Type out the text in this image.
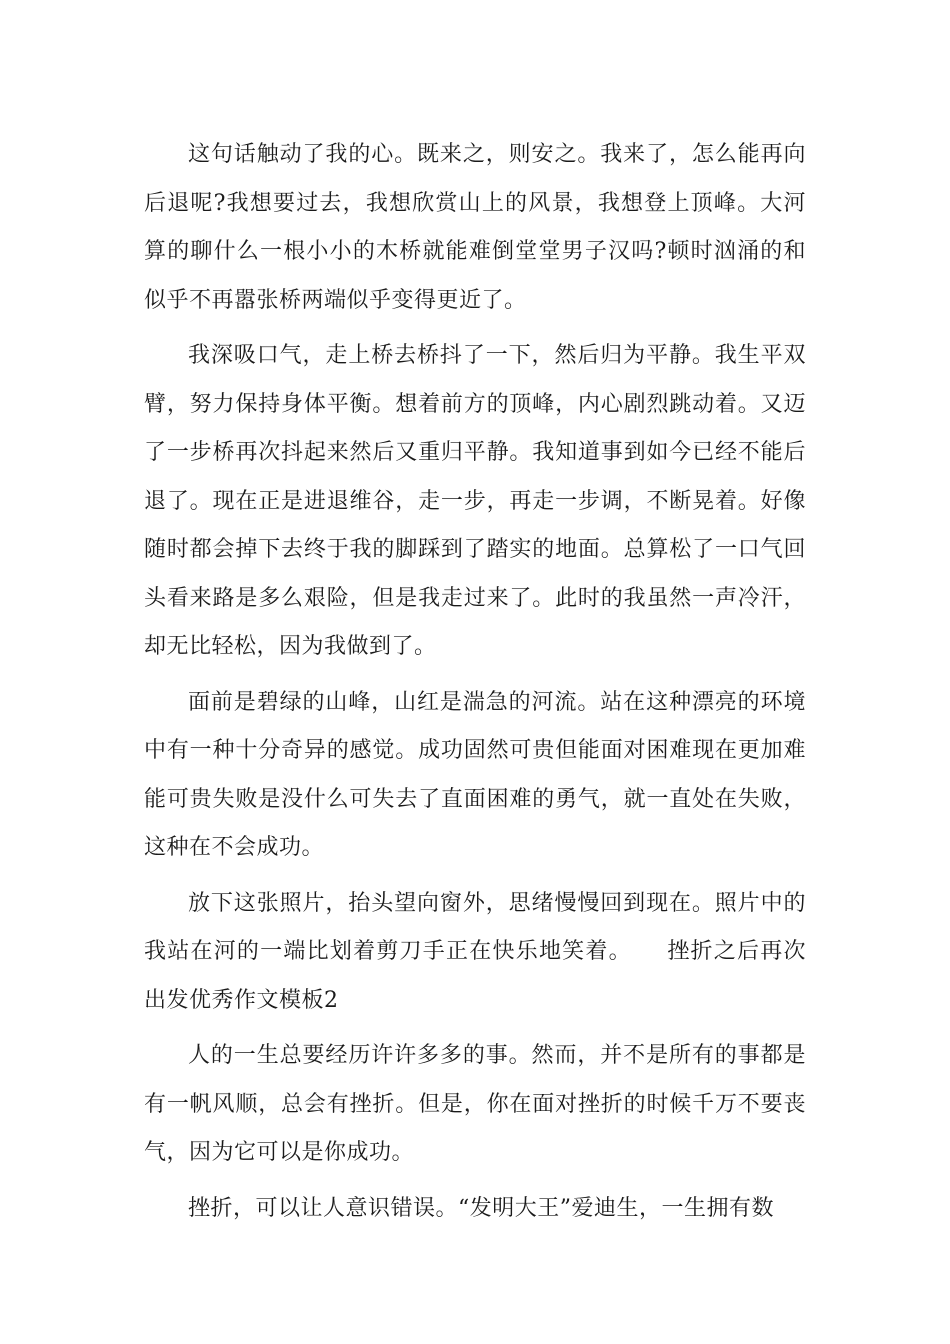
这句话触动了我的心。既来之，则安之。我来了，怎么能再向后退呢?我想要过去，我想欣赏山上的风景，我想登上顶峰。大河算的聊什么一根小小的木桥就能难倒堂堂男子汉吗?顿时汹涌的和似乎不再嚣张桥两端似乎变得更近了。

我深吸口气，走上桥去桥抖了一下，然后归为平静。我生平双臂，努力保持身体平衡。想着前方的顶峰，内心剧烈跳动着。又迈了一步桥再次抖起来然后又重归平静。我知道事到如今已经不能后退了。现在正是进退维谷，走一步，再走一步调，不断晃着。好像随时都会掉下去终于我的脚踩到了踏实的地面。总算松了一口气回头看来路是多么艰险，但是我走过来了。此时的我虽然一声冷汗，却无比轻松，因为我做到了。

面前是碧绿的山峰，山红是湍急的河流。站在这种漂亮的环境中有一种十分奇异的感觉。成功固然可贵但能面对困难现在更加难能可贵失败是没什么可失去了直面困难的勇气，就一直处在失败，这种在不会成功。

放下这张照片，抬头望向窗外，思绪慢慢回到现在。照片中的我站在河的一端比划着剪刀手正在快乐地笑着。　　挫折之后再次出发优秀作文模板2

人的一生总要经历许许多多的事。然而，并不是所有的事都是有一帆风顺，总会有挫折。但是，你在面对挫折的时候千万不要丧气，因为它可以是你成功。

挫折，可以让人意识错误。“发明大王”爱迪生，一生拥有数
